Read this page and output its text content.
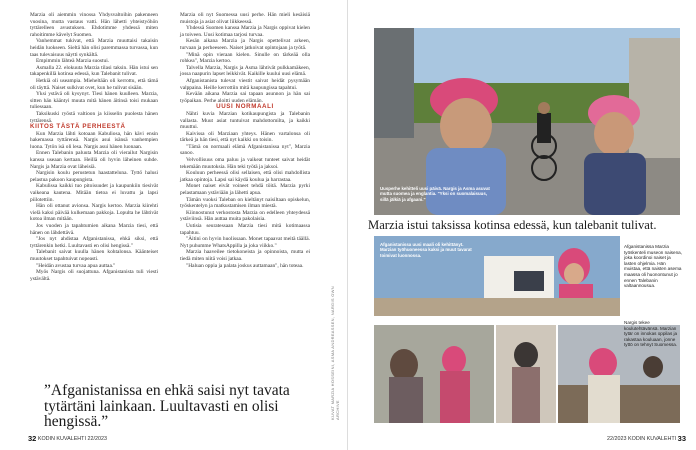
Marzia oli aiemmin vinossa Yhdysvaltoihin pakenneen vuosina, mutta vastaus vatti. Hän lähetti yhteistyöhön tyttärelleen avustuksen. Ehdotimme yhdessä miten rahoitimme kävelyt Suomen.

Vanhemmat tukivat, että Marzia muuttaisi takaisin heidän luokseen. Sieltä hän olisi paremmassa turvassa, kun taas tulevaisuus näytti synkältä.

Empimmin lähteä Marzia suostui.

Asmalla 22. elokuuta Marzia tilasi taksin. Hän istui sen takapenkillä kotinsa edessä, kun Talebanit tulivat.

Hetkiä oli useampia. Mieheltään oli kerrottu, että tämä oli täyttä. Naiset sulkivat ovet, kun he tulivat sisään.

Yksi ystävä oli kysynyt. Tiesi hänen kuulleen. Marzia, sitten hän kääntyi muuta mitä hänen äitinsä toisi mukaan tuliessaan.

Taksikuski ryöstä valtioon ja kiisselin puolesta hänen tyttärensä.

KIITOS TÄSTÄ PERHEESTÄ

Kun Marzia lähti kotoaan Kabuliosa, hän kävi ensin hakemassa tyttärensä. Nargis asui isänsä vanhempien luona. Tytön isä oli lesa. Nargis asui hänen luonaan.

Ennen Talebanin paluuta Marzia oli vierailut Nargisin kanssa useaan kertaan. Heillä oli hyvin läheinen suhde. Nargis ja Marzia ovat läheisiä.

Nargisin koulu perustetun haastatteluna. Tyttö halusi pelastua pakoon kaupungista.

Kabulissa kaikki tuo pitoisuudet ja kaupunkiin tiesivät vaikeana kautena. Mitään tietoa ei luvattu ja lapsi piilotettiin.

Hän oli ottanut avionsa. Nargis kertoo. Marzia kiirehti vielä kaksi päivää kulkemaan pakkoja. Lopulta he lähtivät kotoa ilman mitään.

Jos vuoden ja tapahtumien aikana Marzia tiesi, että hänen on lähdettävä.

"Jos nyt ahdistaa Afganistanissa, ehkä siksi, että tyttärenkin hetki. Luultavasti en olisi hengissä."

Talebanit saivat kuulla hänen kohtalonsa. Käänteiset muutokset tapahtuivat nopeasti.

"Heidän avustaa turvaa apua auttaa."

Myös Nargis oli suojattuna. Afganistanista tuli viesti ystävältä.

Marzia oli nyt Suomessa uusi perhe. Hän mieli kesäisiä muistoja ja asiat olivat liikkeessä.

Yhdessä Suomen kanssa Marzia ja Nargis oppivat kielen ja toiveen. Uusi kotimaa tarjosi turvaa.

Kesän aikana Marzia ja Nargis opettelivat arkeen, turvaan ja perheeseen. Naiset jatkoivat opintojaan ja työtä.

"Minä opin vieraan kielen. Sinulle on tärkeää olla rohkea", Marzia kertoo.

Talvella Marzia, Nargis ja Asma lähtivät pulkkamäkeen, jossa naapurin lapset leikkivät. Kaikille kuului uusi elämä.

Afganistanista tulevat viestit saivat heidät pysymään valppaina. Heille kerrottiin mitä kaupungissa tapahtui.

Kevään aikana Marzia sai tapaan asunnon ja hän sai työpaikan. Perhe aloitti uuden elämän.

UUSI NORMAALI

Nähti kuvia Marzian kotikaupungista ja Talebanin vallasta. Muut asiat tuntuivat mahdottomilta, ja kaikki muuttui.

Kaivissa oli Marziaan yhteys. Hänen vartalonsa oli tärkeä ja hän tiesi, että nyt kaikki on toisin.

"Tämä on normaali elämä Afganistanissa nyt", Marzia sanoo.

Velvollisuus oma paluu ja vaikeat tunteet saivat heidät tekemään muutoksia. Hän teki työtä ja jaksoi.

Kouluun perheessä olisi sellaisen, että olisi mahdollista jatkaa opintoja. Lapsi sai käydä koulua ja harrastaa.

Monet naiset eivät voineet tehdä töitä. Marzia pyrki pelastamaan ystäviään ja lähetti apua.

Tämän vuoksi Taleban on kieltänyt naisiltaan opiskelun, työskentelyn ja matkustamisen ilman miestä.

Kiinnostunut verkostosta Marzia on edelleen yhteydessä ystäviinsä. Hän auttaa muita pakolaisia.

Uutisia seuratessaan Marzia tiesi mitä kotimaassa tapahtuu.

"Äitini on hyvin huolissaan. Monet tapaavat meitä täällä. Nyt puhumme WhatsAppilla ja joka viikko."

Marzia haaveilee tietokoneista ja opinnoista, mutta ei tiedä miten niitä voisi jatkaa.

"Haluan oppia ja palata joskus auttamaan", hän toteaa.

KUVAT MARZIA HOSSEINI, ASMA ANDREASSEN, NARGIS OWN ARCHIVE
”Afganistanissa en ehkä saisi nyt tavata tytärtäni lainkaan. Luultavasti en olisi hengissä.”
32 KODIN KUVALEHTI 22/2023
Uusperhe kehitteli uusi päivä. Nargis ja Asma asuvat mutta suomea ja englantia. "Yksi on suomalaisuus, sillä jälkiä ja afgaani."
Marzia istui taksissa kotinsa edessä, kun talebanit tulivat.
Afganistanissa uusi maali oli kehittänyt. Marzian työhuoneessa kaksi ja muut tavarat toimivat luonnossa.
Afganistanissa Marzia työskenteli museon naisena, joka koordinoi naiset ja lasten ohjelmia. Hän muistaa, että naisten asema maassa oli huonontunut jo ennen Talebanin valtaannousua.
Nargis tekee koulutehtävänsä. Marzian tytär on innokas oppilas ja rakastaa kouluaan, jonne tyttö on tehnyt Suomessa.
22/2023 KODIN KUVALEHTI 33
